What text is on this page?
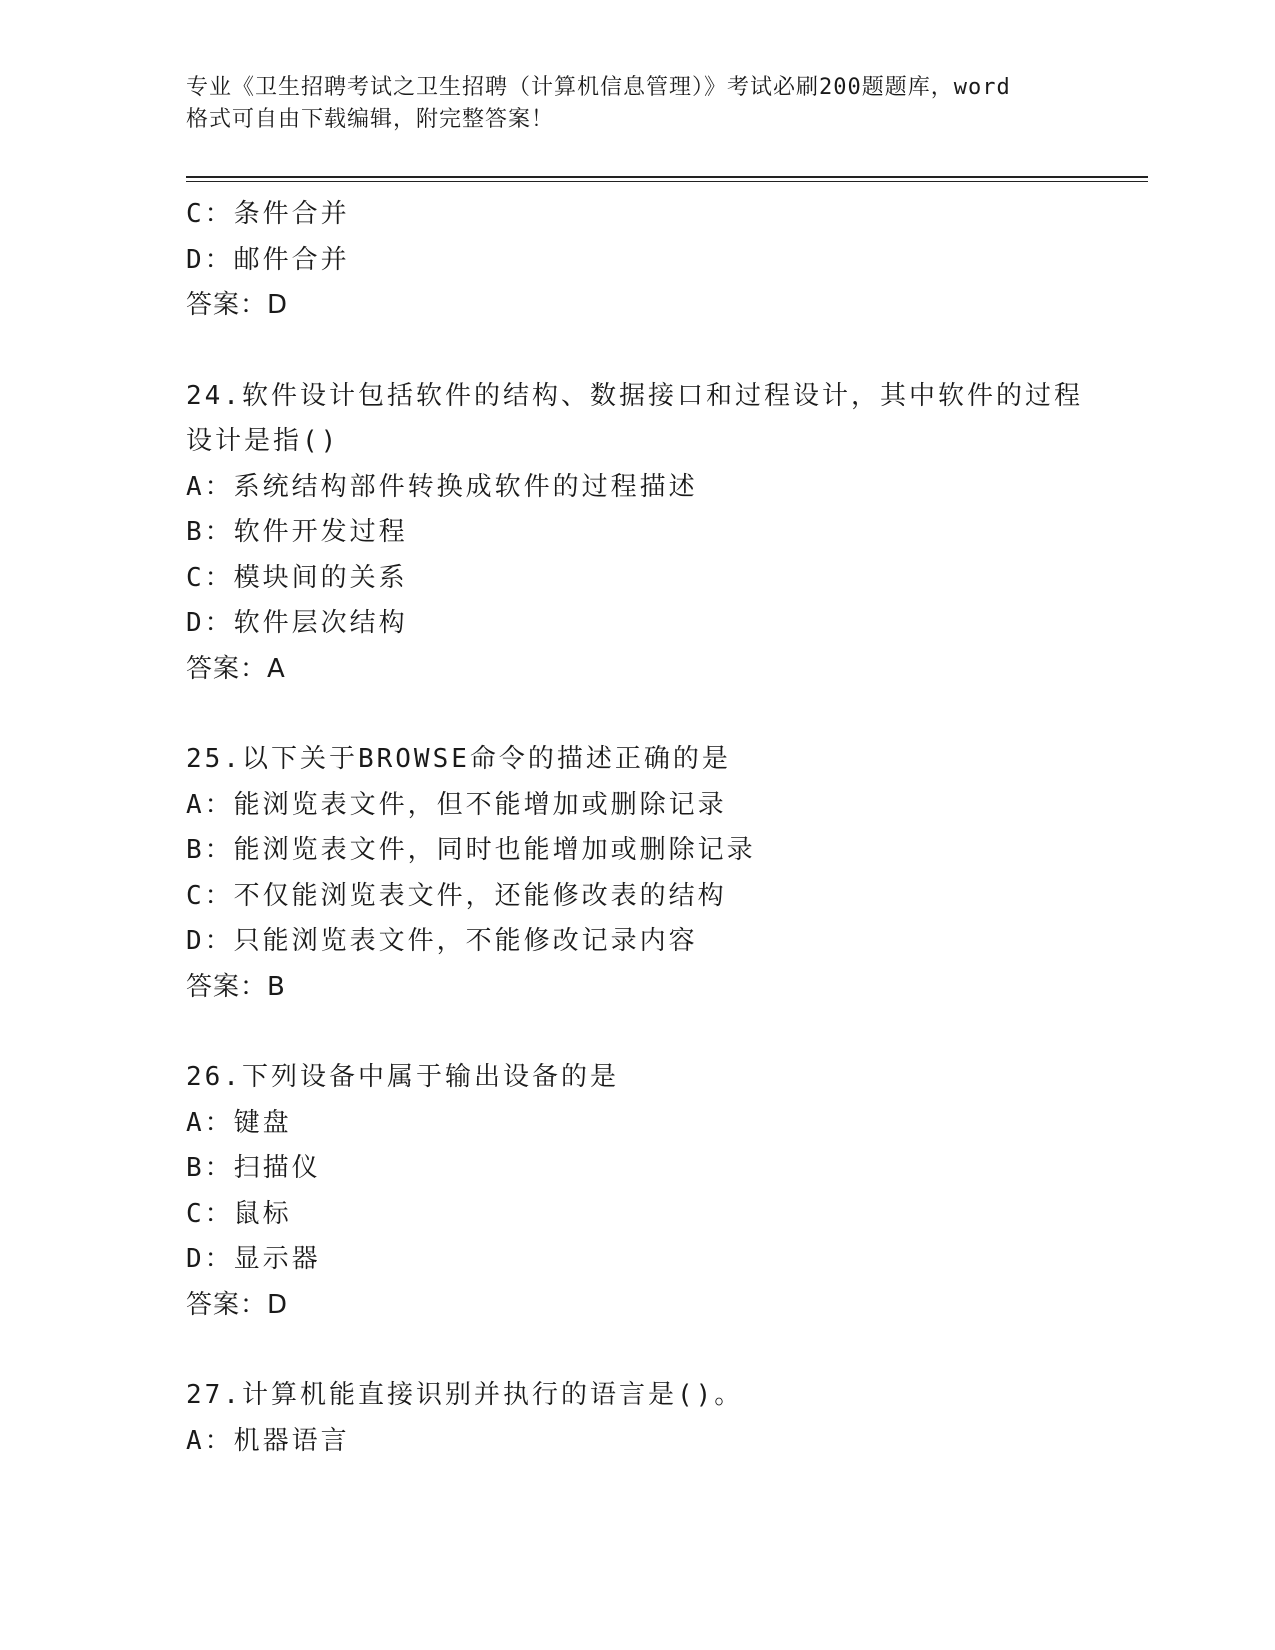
专业《卫生招聘考试之卫生招聘（计算机信息管理）》考试必刷200题题库，word
格式可自由下载编辑，附完整答案！
C：条件合并
D：邮件合并
答案：D
24.软件设计包括软件的结构、数据接口和过程设计，其中软件的过程
设计是指()
A：系统结构部件转换成软件的过程描述
B：软件开发过程
C：模块间的关系
D：软件层次结构
答案：A
25.以下关于BROWSE命令的描述正确的是
A：能浏览表文件，但不能增加或删除记录
B：能浏览表文件，同时也能增加或删除记录
C：不仅能浏览表文件，还能修改表的结构
D：只能浏览表文件，不能修改记录内容
答案：B
26.下列设备中属于输出设备的是
A：键盘
B：扫描仪
C：鼠标
D：显示器
答案：D
27.计算机能直接识别并执行的语言是()。
A：机器语言
